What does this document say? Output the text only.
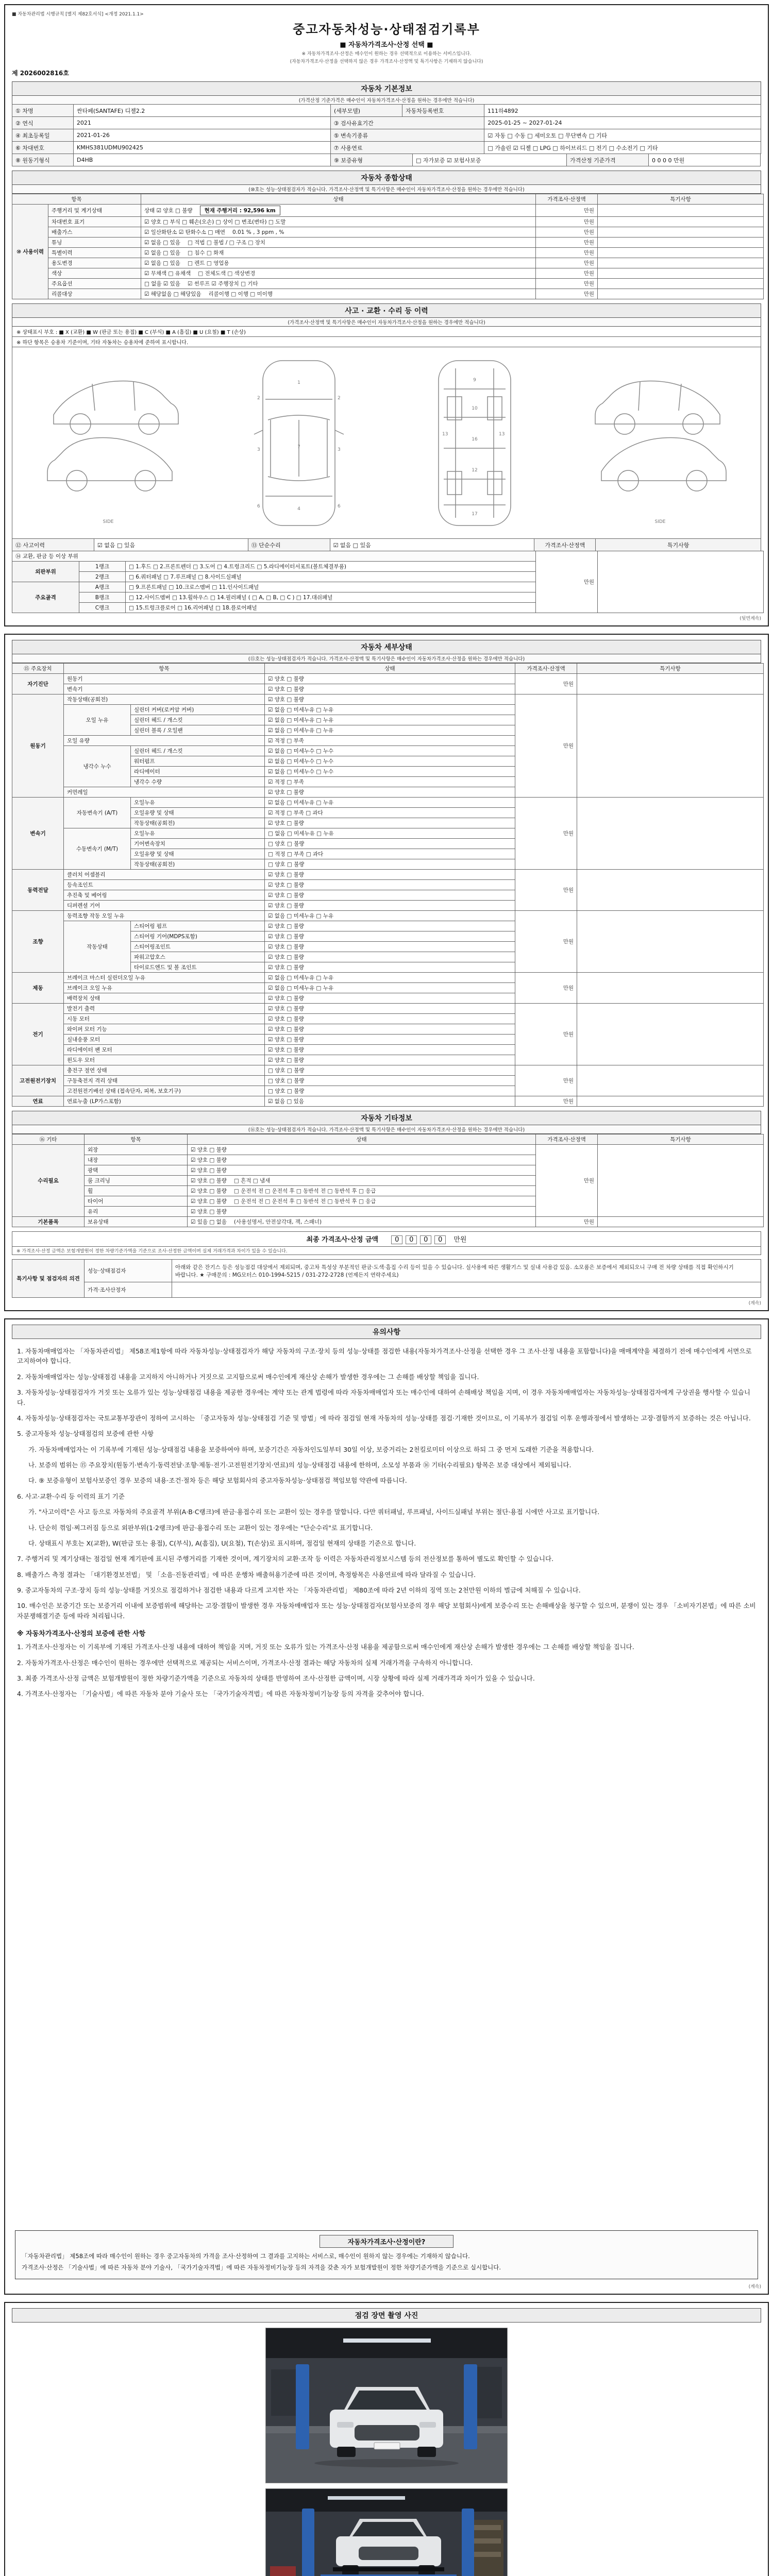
■ 자동차관리법 시행규칙 [별지 제82호서식] <개정 2021.1.1>
중고자동차성능·상태점검기록부
■ 자동차가격조사·산정 선택 ■
※ 자동차가격조사·산정은 매수인이 원하는 경우 선택적으로 이용하는 서비스입니다.
(자동차가격조사·산정을 선택하지 않은 경우 가격조사·산정액 및 특기사항은 기재하지 않습니다)
제 2026002816호
자동차 기본정보
(가격산정 기준가격은 매수인이 자동차가격조사·산정을 원하는 경우에만 적습니다)
① 차명	싼타페(SANTAFE) 디젤2.2	(세부모델)	자동차등록번호	111하4892
② 연식	2021	③ 검사유효기간	2025-01-25 ~ 2027-01-24
④ 최초등록일	2021-01-26	⑤ 변속기종류	☑ 자동 □ 수동 □ 세미오토 □ 무단변속 □ 기타
⑥ 차대번호	KMHS381UDMU902425	⑦ 사용연료	□ 가솔린 ☑ 디젤 □ LPG □ 하이브리드 □ 전기 □ 수소전기 □ 기타
⑧ 원동기형식	D4HB	⑨ 보증유형	□ 자가보증 ☑ 보험사보증	가격산정 기준가격	0 0 0 0 만원
자동차 종합상태
(⑩호는 성능·상태점검자가 적습니다. 가격조사·산정액 및 특기사항은 매수인이 자동차가격조사·산정을 원하는 경우에만 적습니다)
항목		상태	가격조사·산정액	특기사항
⑩ 사용이력	주행거리 및 계기상태	상태 ☑ 양호 □ 불량 현재 주행거리 : 92,596 km	만원	
	차대번호 표기	☑ 양호 □ 부식 □ 훼손(오손) □ 상이 □ 변조(변타) □ 도말	만원	
	배출가스	☑ 일산화탄소 ☑ 탄화수소 □ 매연 0.01 % , 3 ppm , %	만원	
	튜닝	☑ 없음 □ 있음 □ 적법 □ 불법 / □ 구조 □ 장치	만원	
	특별이력	☑ 없음 □ 있음 □ 침수 □ 화재	만원	
	용도변경	☑ 없음 □ 있음 □ 렌트 □ 영업용	만원	
	색상	☑ 무채색 □ 유채색 □ 전체도색 □ 색상변경	만원	
	주요옵션	□ 없음 ☑ 있음 ☑ 썬루프 ☑ 주행장치 □ 기타	만원	
	리콜대상	☑ 해당없음 □ 해당있음 리콜이행 □ 이행 □ 미이행	만원	
사고 · 교환 · 수리 등 이력
(가격조사·산정액 및 특기사항은 매수인이 자동차가격조사·산정을 원하는 경우에만 적습니다)
※ 상태표시 부호 : ■ X (교환) ■ W (판금 또는 용접) ■ C (부식) ■ A (흠집) ■ U (요철) ■ T (손상)
※ 하단 항목은 승용차 기준이며, 기타 자동차는 승용차에 준하여 표시합니다.
SIDE
1
7
4
3	3
6	6
2	2
9
10
16
12
17
13	13
SIDE
⑫ 사고이력	☑ 없음 □ 있음	⑬ 단순수리	☑ 없음 □ 있음	가격조사·산정액	특기사항
⑭ 교환, 판금 등 이상 부위			만원	
외판부위	1랭크	□ 1.후드 □ 2.프론트펜더 □ 3.도어 □ 4.트렁크리드 □ 5.라디에이터서포트(볼트체결부품)		
	2랭크	□ 6.쿼터패널 □ 7.루프패널 □ 8.사이드실패널		
주요골격	A랭크	□ 9.프론트패널 □ 10.크로스멤버 □ 11.인사이드패널		
	B랭크	□ 12.사이드멤버 □ 13.휠하우스 □ 14.필러패널 ( □ A, □ B, □ C ) □ 17.대쉬패널		
	C랭크	□ 15.트렁크플로어 □ 16.리어패널 □ 18.플로어패널		
(뒷면계속)
자동차 세부상태
(⑮호는 성능·상태점검자가 적습니다. 가격조사·산정액 및 특기사항은 매수인이 자동차가격조사·산정을 원하는 경우에만 적습니다)
⑮ 주요장치	항목		상태	가격조사·산정액	특기사항
자기진단	원동기		☑ 양호 □ 불량	만원	
	변속기		☑ 양호 □ 불량		
원동기	작동상태(공회전)		☑ 양호 □ 불량	만원	
	오일 누유	실린더 커버(로커암 커버)	☑ 없음 □ 미세누유 □ 누유		
		실린더 헤드 / 개스킷	☑ 없음 □ 미세누유 □ 누유		
		실린더 블록 / 오일팬	☑ 없음 □ 미세누유 □ 누유		
	오일 유량		☑ 적정 □ 부족		
	냉각수 누수	실린더 헤드 / 개스킷	☑ 없음 □ 미세누수 □ 누수		
		워터펌프	☑ 없음 □ 미세누수 □ 누수		
		라디에이터	☑ 없음 □ 미세누수 □ 누수		
		냉각수 수량	☑ 적정 □ 부족		
	커먼레일		☑ 양호 □ 불량		
변속기	자동변속기 (A/T)	오일누유	☑ 없음 □ 미세누유 □ 누유	만원	
		오일유량 및 상태	☑ 적정 □ 부족 □ 과다		
		작동상태(공회전)	☑ 양호 □ 불량		
	수동변속기 (M/T)	오일누유	□ 없음 □ 미세누유 □ 누유		
		기어변속장치	□ 양호 □ 불량		
		오일유량 및 상태	□ 적정 □ 부족 □ 과다		
		작동상태(공회전)	□ 양호 □ 불량		
동력전달	클러치 어셈블리		☑ 양호 □ 불량	만원	
	등속조인트		☑ 양호 □ 불량		
	추진축 및 베어링		☑ 양호 □ 불량		
	디퍼렌셜 기어		☑ 양호 □ 불량		
조향	동력조향 작동 오일 누유		☑ 없음 □ 미세누유 □ 누유	만원	
	작동상태	스티어링 펌프	☑ 양호 □ 불량		
		스티어링 기어(MDPS포함)	☑ 양호 □ 불량		
		스티어링조인트	☑ 양호 □ 불량		
		파워고압호스	☑ 양호 □ 불량		
		타이로드엔드 및 볼 조인트	☑ 양호 □ 불량		
제동	브레이크 마스터 실린더오일 누유		☑ 없음 □ 미세누유 □ 누유	만원	
	브레이크 오일 누유		☑ 없음 □ 미세누유 □ 누유		
	배력장치 상태		☑ 양호 □ 불량		
전기	발전기 출력		☑ 양호 □ 불량	만원	
	시동 모터		☑ 양호 □ 불량		
	와이퍼 모터 기능		☑ 양호 □ 불량		
	실내송풍 모터		☑ 양호 □ 불량		
	라디에이터 팬 모터		☑ 양호 □ 불량		
	윈도우 모터		☑ 양호 □ 불량		
고전원전기장치	충전구 절연 상태		□ 양호 □ 불량	만원	
	구동축전지 격리 상태		□ 양호 □ 불량		
	고전원전기배선 상태 (접속단자, 피복, 보호기구)		□ 양호 □ 불량		
연료	연료누출 (LP가스포함)		☑ 없음 □ 있음	만원	
자동차 기타정보
(⑯호는 성능·상태점검자가 적습니다. 가격조사·산정액 및 특기사항은 매수인이 자동차가격조사·산정을 원하는 경우에만 적습니다)
⑯ 기타	항목	상태	가격조사·산정액	특기사항
수리필요	외장	☑ 양호 □ 불량	만원	
	내장	☑ 양호 □ 불량		
	광택	☑ 양호 □ 불량		
	룸 크리닝	☑ 양호 □ 불량 □ 흔적 □ 냄새		
	휠	☑ 양호 □ 불량 □ 운전석 전 □ 운전석 후 □ 동반석 전 □ 동반석 후 □ 응급		
	타이어	☑ 양호 □ 불량 □ 운전석 전 □ 운전석 후 □ 동반석 전 □ 동반석 후 □ 응급		
	유리	☑ 양호 □ 불량		
기본품목	보유상태	☑ 있음 □ 없음 (사용설명서, 안전삼각대, 잭, 스패너)	만원	
최종 가격조사·산정 금액 0 0 0 0 만원
※ 가격조사·산정 금액은 보험개발원이 정한 차량기준가액을 기준으로 조사·산정한 금액이며 실제 거래가격과 차이가 있을 수 있습니다.
특기사항 및 점검자의 의견	성능·상태점검자	아래와 같은 잔기스 등은 성능점검 대상에서 제외되며, 중고차 특성상 부분적인 판금·도색·흠집 수리 등이 있을 수 있습니다. 실사용에 따른 생활기스 및 실내 사용감 있음. 소모품은 보증에서 제외되오니 구매 전 차량 상태를 직접 확인하시기 바랍니다. ★ 구매문의 : MG모터스 010-1994-5215 / 031-272-2728 (언제든지 연락주세요)
	가격·조사산정자	
(계속)
유의사항
1. 자동차매매업자는 「자동차관리법」 제58조제1항에 따라 자동차성능·상태점검자가 해당 자동차의 구조·장치 등의 성능·상태를 점검한 내용(자동차가격조사·산정을 선택한 경우 그 조사·산정 내용을 포함합니다)을 매매계약을 체결하기 전에 매수인에게 서면으로 고지하여야 합니다.
2. 자동차매매업자는 성능·상태점검 내용을 고지하지 아니하거나 거짓으로 고지함으로써 매수인에게 재산상 손해가 발생한 경우에는 그 손해를 배상할 책임을 집니다.
3. 자동차성능·상태점검자가 거짓 또는 오류가 있는 성능·상태점검 내용을 제공한 경우에는 계약 또는 관계 법령에 따라 자동차매매업자 또는 매수인에 대하여 손해배상 책임을 지며, 이 경우 자동차매매업자는 자동차성능·상태점검자에게 구상권을 행사할 수 있습니다.
4. 자동차성능·상태점검자는 국토교통부장관이 정하여 고시하는 「중고자동차 성능·상태점검 기준 및 방법」에 따라 점검일 현재 자동차의 성능·상태를 점검·기재한 것이므로, 이 기록부가 점검일 이후 운행과정에서 발생하는 고장·결함까지 보증하는 것은 아닙니다.
5. 중고자동차 성능·상태점검의 보증에 관한 사항
가. 자동차매매업자는 이 기록부에 기재된 성능·상태점검 내용을 보증하여야 하며, 보증기간은 자동차인도일부터 30일 이상, 보증거리는 2천킬로미터 이상으로 하되 그 중 먼저 도래한 기준을 적용합니다.
나. 보증의 범위는 ⑮ 주요장치(원동기·변속기·동력전달·조향·제동·전기·고전원전기장치·연료)의 성능·상태점검 내용에 한하며, 소모성 부품과 ⑯ 기타(수리필요) 항목은 보증 대상에서 제외됩니다.
다. ⑨ 보증유형이 보험사보증인 경우 보증의 내용·조건·절차 등은 해당 보험회사의 중고자동차성능·상태점검 책임보험 약관에 따릅니다.
6. 사고·교환·수리 등 이력의 표기 기준
가. "사고이력"은 사고 등으로 자동차의 주요골격 부위(A·B·C랭크)에 판금·용접수리 또는 교환이 있는 경우를 말합니다. 다만 쿼터패널, 루프패널, 사이드실패널 부위는 절단·용접 시에만 사고로 표기합니다.
나. 단순히 꺾임·찌그러짐 등으로 외판부위(1·2랭크)에 판금·용접수리 또는 교환이 있는 경우에는 "단순수리"로 표기합니다.
다. 상태표시 부호는 X(교환), W(판금 또는 용접), C(부식), A(흠집), U(요철), T(손상)로 표시하며, 점검일 현재의 상태를 기준으로 합니다.
7. 주행거리 및 계기상태는 점검일 현재 계기판에 표시된 주행거리를 기재한 것이며, 계기장치의 교환·조작 등 이력은 자동차관리정보시스템 등의 전산정보를 통하여 별도로 확인할 수 있습니다.
8. 배출가스 측정 결과는 「대기환경보전법」 및 「소음·진동관리법」에 따른 운행차 배출허용기준에 따른 것이며, 측정항목은 사용연료에 따라 달라질 수 있습니다.
9. 중고자동차의 구조·장치 등의 성능·상태를 거짓으로 점검하거나 점검한 내용과 다르게 고지한 자는 「자동차관리법」 제80조에 따라 2년 이하의 징역 또는 2천만원 이하의 벌금에 처해질 수 있습니다.
10. 매수인은 보증기간 또는 보증거리 이내에 보증범위에 해당하는 고장·결함이 발생한 경우 자동차매매업자 또는 성능·상태점검자(보험사보증의 경우 해당 보험회사)에게 보증수리 또는 손해배상을 청구할 수 있으며, 분쟁이 있는 경우 「소비자기본법」에 따른 소비자분쟁해결기준 등에 따라 처리됩니다.
※ 자동차가격조사·산정의 보증에 관한 사항
1. 가격조사·산정자는 이 기록부에 기재된 가격조사·산정 내용에 대하여 책임을 지며, 거짓 또는 오류가 있는 가격조사·산정 내용을 제공함으로써 매수인에게 재산상 손해가 발생한 경우에는 그 손해를 배상할 책임을 집니다.
2. 자동차가격조사·산정은 매수인이 원하는 경우에만 선택적으로 제공되는 서비스이며, 가격조사·산정 결과는 해당 자동차의 실제 거래가격을 구속하지 아니합니다.
3. 최종 가격조사·산정 금액은 보험개발원이 정한 차량기준가액을 기준으로 자동차의 상태를 반영하여 조사·산정한 금액이며, 시장 상황에 따라 실제 거래가격과 차이가 있을 수 있습니다.
4. 가격조사·산정자는 「기술사법」에 따른 자동차 분야 기술사 또는 「국가기술자격법」에 따른 자동차정비기능장 등의 자격을 갖추어야 합니다.
자동차가격조사·산정이란?
「자동차관리법」 제58조에 따라 매수인이 원하는 경우 중고자동차의 가격을 조사·산정하여 그 결과를 고지하는 서비스로, 매수인이 원하지 않는 경우에는 기재하지 않습니다.
가격조사·산정은 「기술사법」에 따른 자동차 분야 기술사, 「국가기술자격법」에 따른 자동차정비기능장 등의 자격을 갖춘 자가 보험개발원이 정한 차량기준가액을 기준으로 실시합니다.
(계속)
점검 장면 촬영 사진
